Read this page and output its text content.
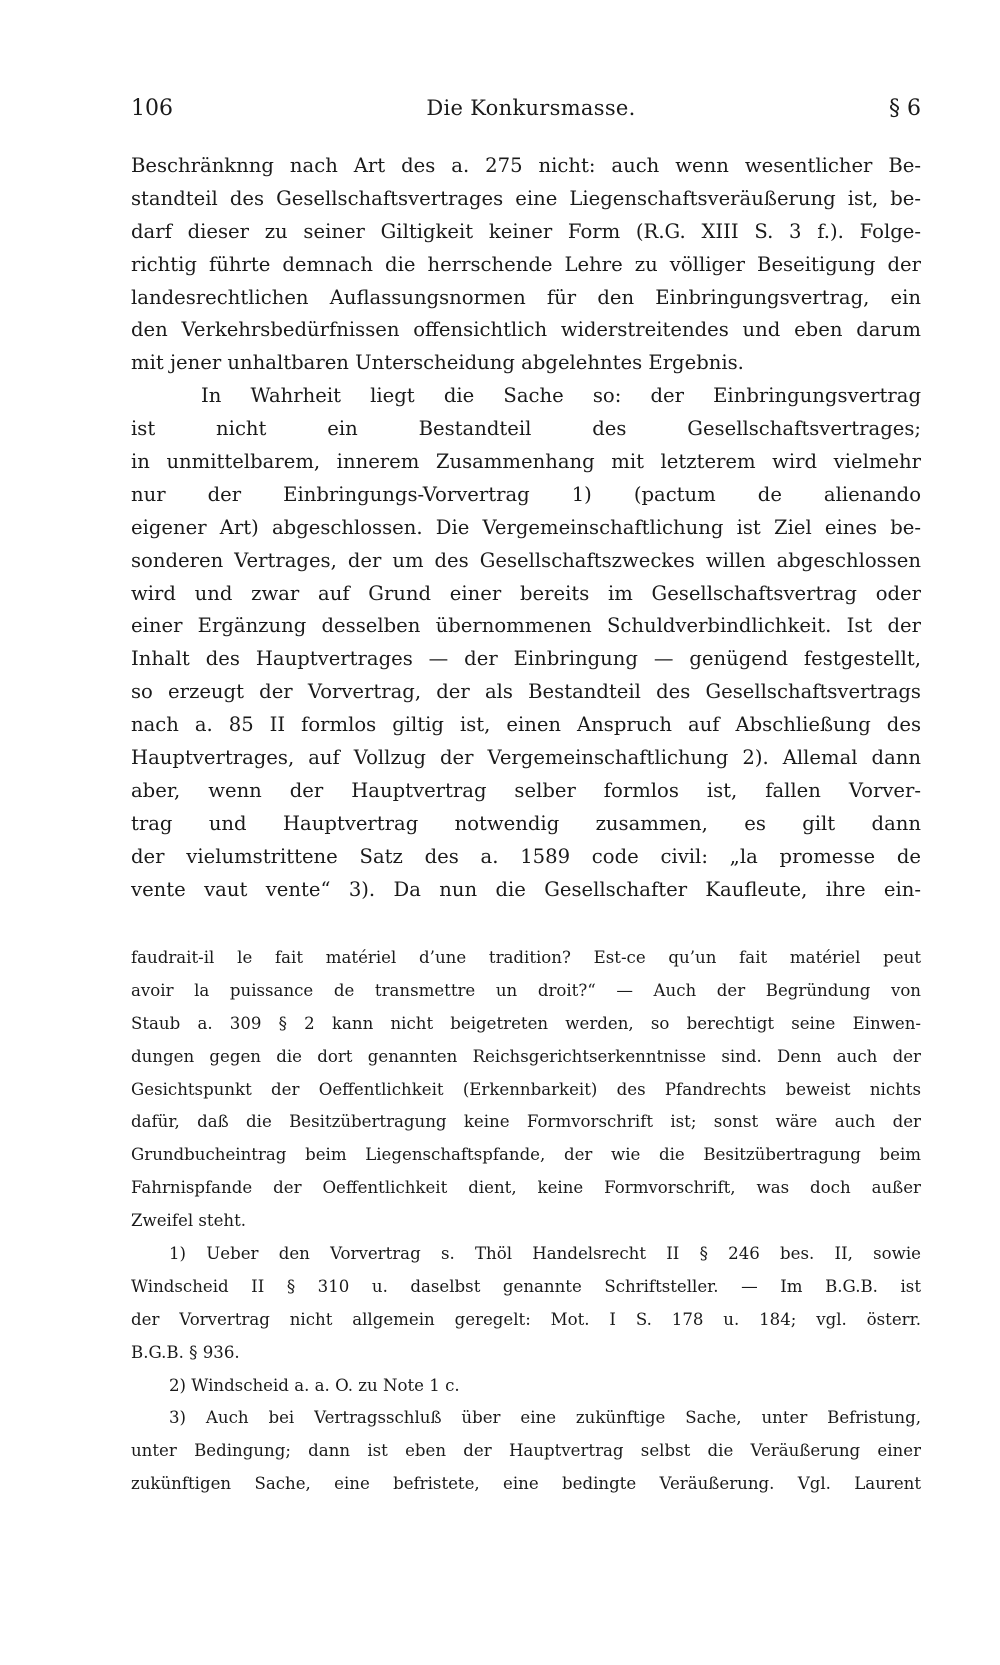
106	Die Konkursmasse.	§ 6
Beschränknng nach Art des a. 275 nicht: auch wenn wesentlicher Be-
standteil des Gesellschaftsvertrages eine Liegenschaftsveräußerung ist, be-
darf dieser zu seiner Giltigkeit keiner Form (R.G. XIII S. 3 f.). Folge-
richtig führte demnach die herrschende Lehre zu völliger Beseitigung der
landesrechtlichen Auflassungsnormen für den Einbringungsvertrag, ein
den Verkehrsbedürfnissen offensichtlich widerstreitendes und eben darum
mit jener unhaltbaren Unterscheidung abgelehntes Ergebnis.
In Wahrheit liegt die Sache so: der Einbringungsvertrag
ist nicht ein Bestandteil des Gesellschaftsvertrages;
in unmittelbarem, innerem Zusammenhang mit letzterem wird vielmehr
nur der Einbringungs-Vorvertrag 1) (pactum de alienando
eigener Art) abgeschlossen. Die Vergemeinschaftlichung ist Ziel eines be-
sonderen Vertrages, der um des Gesellschaftszweckes willen abgeschlossen
wird und zwar auf Grund einer bereits im Gesellschaftsvertrag oder
einer Ergänzung desselben übernommenen Schuldverbindlichkeit. Ist der
Inhalt des Hauptvertrages — der Einbringung — genügend festgestellt,
so erzeugt der Vorvertrag, der als Bestandteil des Gesellschaftsvertrags
nach a. 85 II formlos giltig ist, einen Anspruch auf Abschließung des
Hauptvertrages, auf Vollzug der Vergemeinschaftlichung 2). Allemal dann
aber, wenn der Hauptvertrag selber formlos ist, fallen Vorver-
trag und Hauptvertrag notwendig zusammen, es gilt dann
der vielumstrittene Satz des a. 1589 code civil: „la promesse de
vente vaut vente“ 3). Da nun die Gesellschafter Kaufleute, ihre ein-
faudrait-il le fait matériel d’une tradition? Est-ce qu’un fait matériel peut
avoir la puissance de transmettre un droit?“ — Auch der Begründung von
Staub a. 309 § 2 kann nicht beigetreten werden, so berechtigt seine Einwen-
dungen gegen die dort genannten Reichsgerichtserkenntnisse sind. Denn auch der
Gesichtspunkt der Oeffentlichkeit (Erkennbarkeit) des Pfandrechts beweist nichts
dafür, daß die Besitzübertragung keine Formvorschrift ist; sonst wäre auch der
Grundbucheintrag beim Liegenschaftspfande, der wie die Besitzübertragung beim
Fahrnispfande der Oeffentlichkeit dient, keine Formvorschrift, was doch außer
Zweifel steht.
1) Ueber den Vorvertrag s. Thöl Handelsrecht II § 246 bes. II, sowie
Windscheid II § 310 u. daselbst genannte Schriftsteller. — Im B.G.B. ist
der Vorvertrag nicht allgemein geregelt: Mot. I S. 178 u. 184; vgl. österr.
B.G.B. § 936.
2) Windscheid a. a. O. zu Note 1 c.
3) Auch bei Vertragsschluß über eine zukünftige Sache, unter Befristung,
unter Bedingung; dann ist eben der Hauptvertrag selbst die Veräußerung einer
zukünftigen Sache, eine befristete, eine bedingte Veräußerung. Vgl. Laurent
